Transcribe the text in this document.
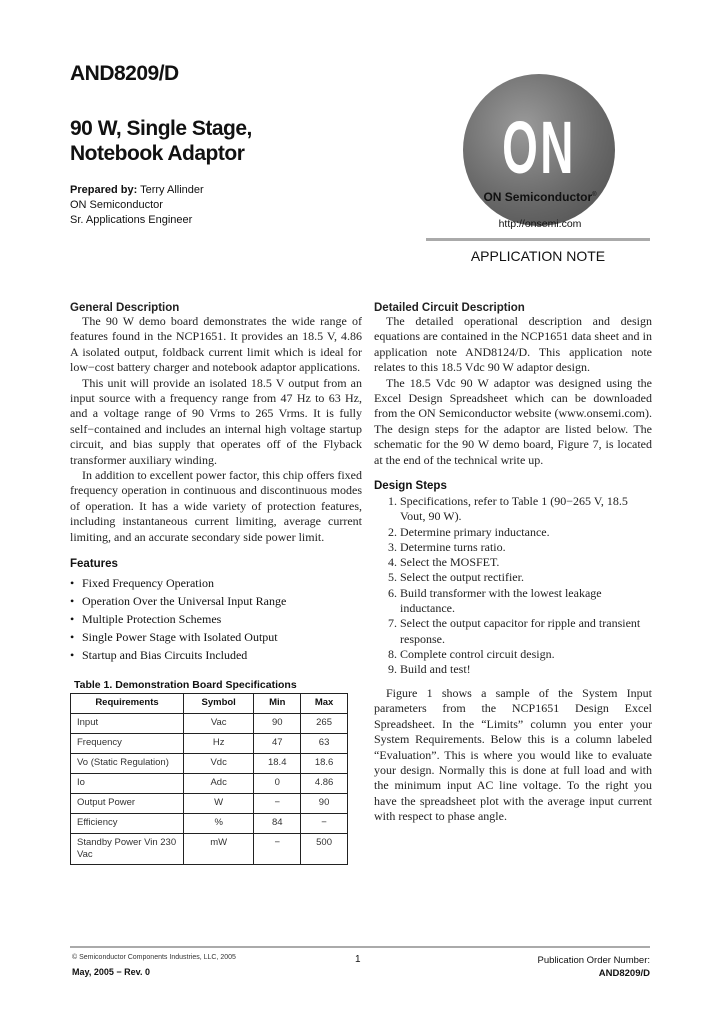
AND8209/D
90 W, Single Stage,
Notebook Adaptor
Prepared by: Terry Allinder
ON Semiconductor
Sr. Applications Engineer
ON
ON Semiconductor®
http://onsemi.com
APPLICATION NOTE
General Description

The 90 W demo board demonstrates the wide range of features found in the NCP1651. It provides an 18.5 V, 4.86 A isolated output, foldback current limit which is ideal for low−cost battery charger and notebook adaptor applications.

This unit will provide an isolated 18.5 V output from an input source with a frequency range from 47 Hz to 63 Hz, and a voltage range of 90 Vrms to 265 Vrms. It is fully self−contained and includes an internal high voltage startup circuit, and bias supply that operates off of the Flyback transformer auxiliary winding.

In addition to excellent power factor, this chip offers fixed frequency operation in continuous and discontinuous modes of operation. It has a wide variety of protection features, including instantaneous current limiting, average current limiting, and an accurate secondary side power limit.

Features
• Fixed Frequency Operation
• Operation Over the Universal Input Range
• Multiple Protection Schemes
• Single Power Stage with Isolated Output
• Startup and Bias Circuits Included
Table 1. Demonstration Board Specifications
Requirements	Symbol	Min	Max
Input	Vac	90	265
Frequency	Hz	47	63
Vo (Static Regulation)	Vdc	18.4	18.6
Io	Adc	0	4.86
Output Power	W	−	90
Efficiency	%	84	−
Standby Power Vin 230 Vac	mW	−	500
Detailed Circuit Description

The detailed operational description and design equations are contained in the NCP1651 data sheet and in application note AND8124/D. This application note relates to this 18.5 Vdc 90 W adaptor design.

The 18.5 Vdc 90 W adaptor was designed using the Excel Design Spreadsheet which can be downloaded from the ON Semiconductor website (www.onsemi.com). The design steps for the adaptor are listed below. The schematic for the 90 W demo board, Figure 7, is located at the end of the technical write up.

Design Steps
1. Specifications, refer to Table 1 (90−265 V, 18.5 Vout, 90 W).
2. Determine primary inductance.
3. Determine turns ratio.
4. Select the MOSFET.
5. Select the output rectifier.
6. Build transformer with the lowest leakage inductance.
7. Select the output capacitor for ripple and transient response.
8. Complete control circuit design.
9. Build and test!

Figure 1 shows a sample of the System Input parameters from the NCP1651 Design Excel Spreadsheet. In the “Limits” column you enter your System Requirements. Below this is a column labeled “Evaluation”. This is where you would like to evaluate your design. Normally this is done at full load and with the minimum input AC line voltage. To the right you have the spreadsheet plot with the average input current with respect to phase angle.

© Semiconductor Components Industries, LLC, 2005
May, 2005 − Rev. 0
1	Publication Order Number:
AND8209/D
